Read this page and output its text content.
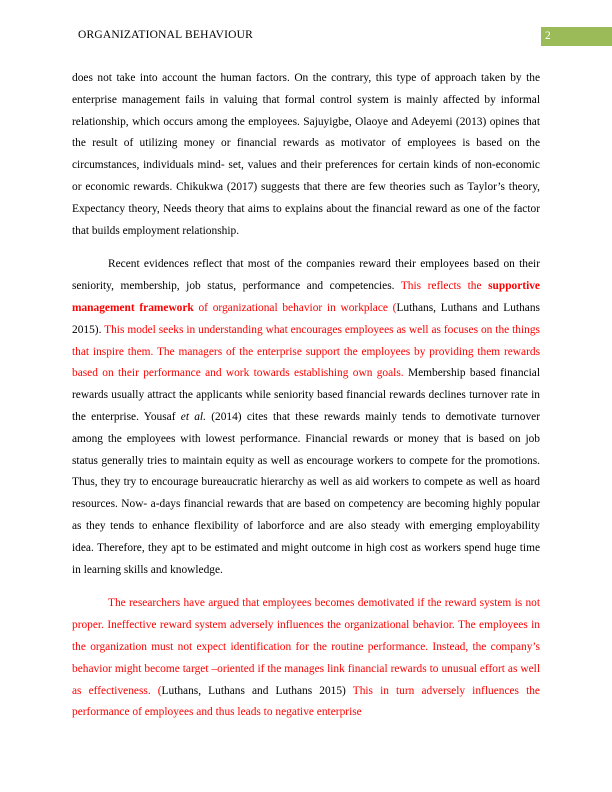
ORGANIZATIONAL BEHAVIOUR	2

does not take into account the human factors. On the contrary, this type of approach taken by the enterprise management fails in valuing that formal control system is mainly affected by informal relationship, which occurs among the employees. Sajuyigbe, Olaoye and Adeyemi (2013) opines that the result of utilizing money or financial rewards as motivator of employees is based on the circumstances, individuals mind- set, values and their preferences for certain kinds of non-economic or economic rewards. Chikukwa (2017) suggests that there are few theories such as Taylor’s theory, Expectancy theory, Needs theory that aims to explains about the financial reward as one of the factor that builds employment relationship.

Recent evidences reflect that most of the companies reward their employees based on their seniority, membership, job status, performance and competencies. This reflects the supportive management framework of organizational behavior in workplace (Luthans, Luthans and Luthans 2015). This model seeks in understanding what encourages employees as well as focuses on the things that inspire them. The managers of the enterprise support the employees by providing them rewards based on their performance and work towards establishing own goals. Membership based financial rewards usually attract the applicants while seniority based financial rewards declines turnover rate in the enterprise. Yousaf et al. (2014) cites that these rewards mainly tends to demotivate turnover among the employees with lowest performance. Financial rewards or money that is based on job status generally tries to maintain equity as well as encourage workers to compete for the promotions. Thus, they try to encourage bureaucratic hierarchy as well as aid workers to compete as well as hoard resources. Now- a-days financial rewards that are based on competency are becoming highly popular as they tends to enhance flexibility of laborforce and are also steady with emerging employability idea. Therefore, they apt to be estimated and might outcome in high cost as workers spend huge time in learning skills and knowledge.

The researchers have argued that employees becomes demotivated if the reward system is not proper. Ineffective reward system adversely influences the organizational behavior. The employees in the organization must not expect identification for the routine performance. Instead, the company’s behavior might become target –oriented if the manages link financial rewards to unusual effort as well as effectiveness. (Luthans, Luthans and Luthans 2015) This in turn adversely influences the performance of employees and thus leads to negative enterprise
